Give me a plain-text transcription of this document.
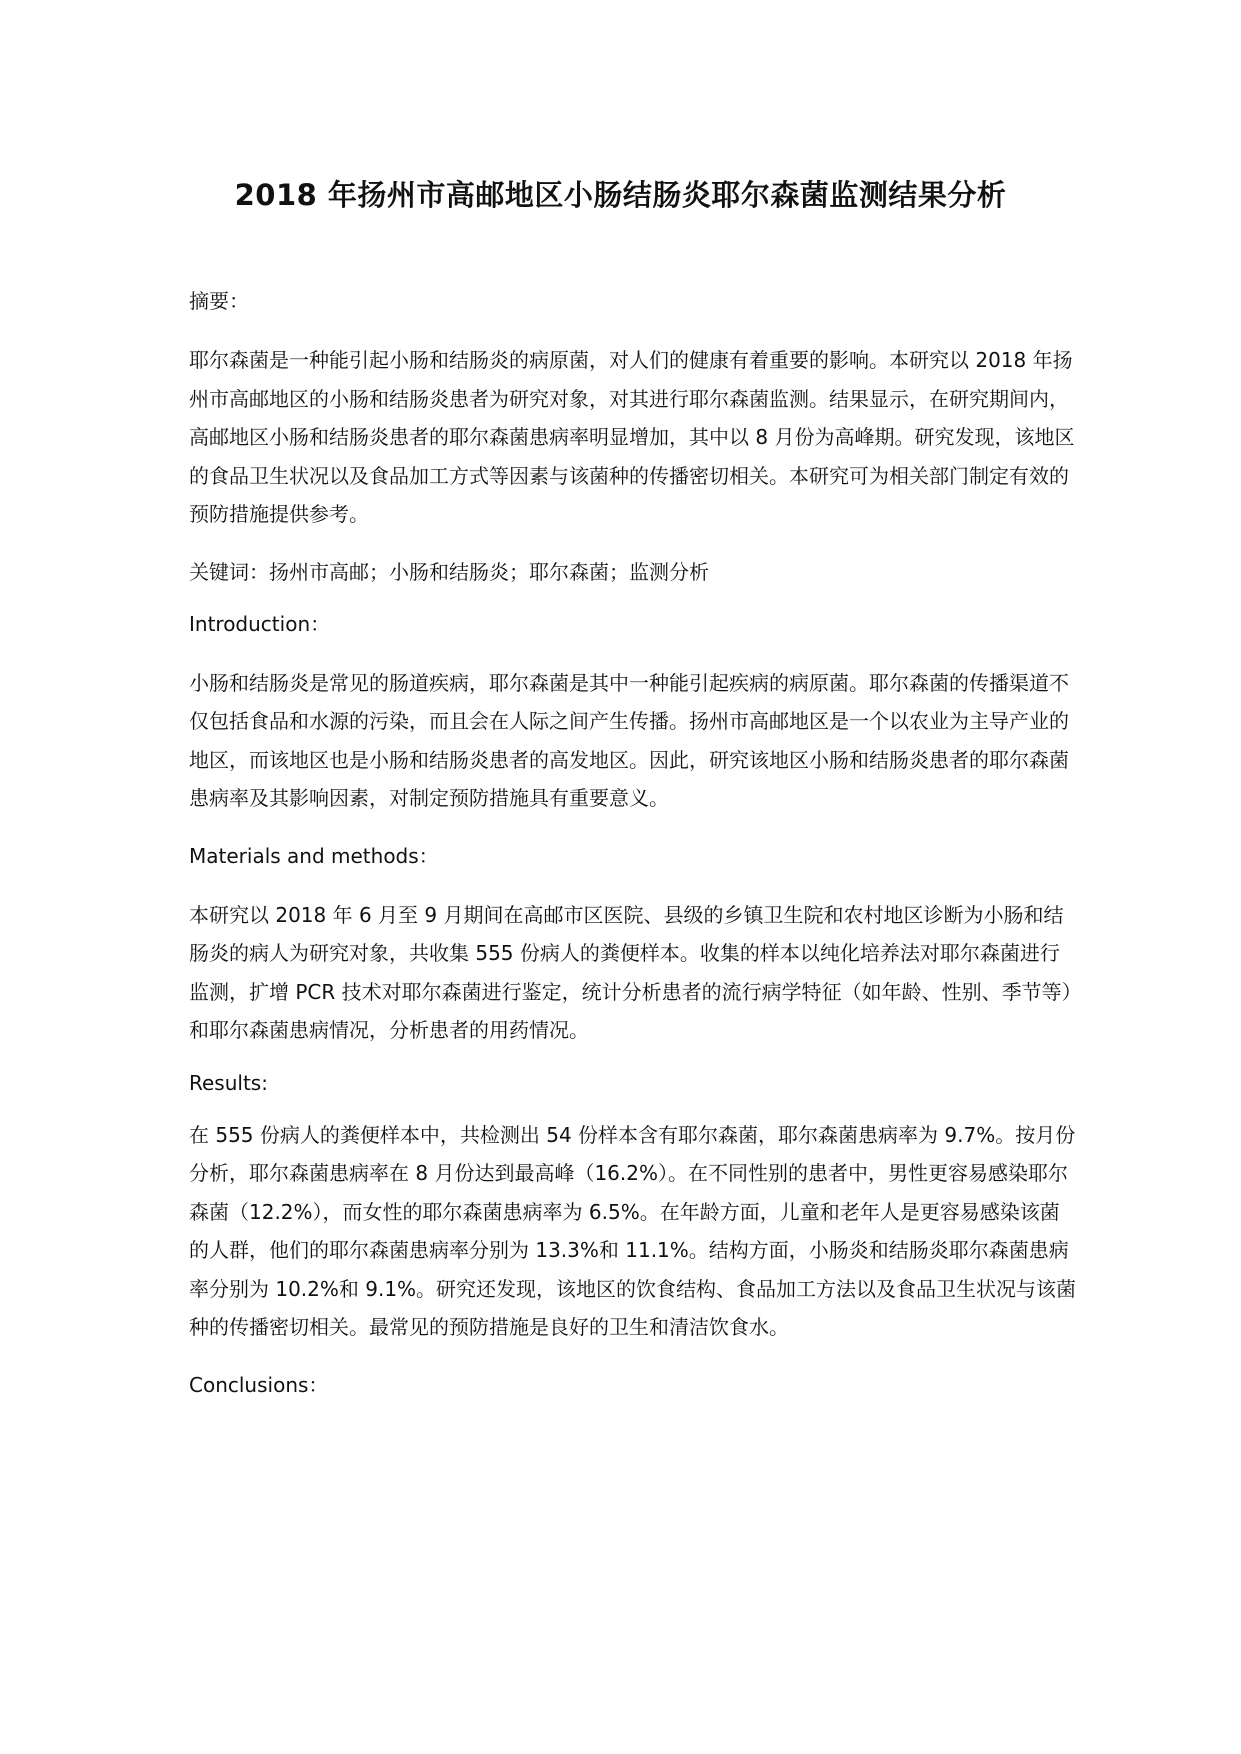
2018 年扬州市高邮地区小肠结肠炎耶尔森菌监测结果分析

摘要：

耶尔森菌是一种能引起小肠和结肠炎的病原菌，对人们的健康有着重要的影响。本研究以 2018 年扬州市高邮地区的小肠和结肠炎患者为研究对象，对其进行耶尔森菌监测。结果显示，在研究期间内，高邮地区小肠和结肠炎患者的耶尔森菌患病率明显增加，其中以 8 月份为高峰期。研究发现，该地区的食品卫生状况以及食品加工方式等因素与该菌种的传播密切相关。本研究可为相关部门制定有效的预防措施提供参考。

关键词：扬州市高邮；小肠和结肠炎；耶尔森菌；监测分析

Introduction：

小肠和结肠炎是常见的肠道疾病，耶尔森菌是其中一种能引起疾病的病原菌。耶尔森菌的传播渠道不仅包括食品和水源的污染，而且会在人际之间产生传播。扬州市高邮地区是一个以农业为主导产业的地区，而该地区也是小肠和结肠炎患者的高发地区。因此，研究该地区小肠和结肠炎患者的耶尔森菌患病率及其影响因素，对制定预防措施具有重要意义。

Materials and methods：

本研究以 2018 年 6 月至 9 月期间在高邮市区医院、县级的乡镇卫生院和农村地区诊断为小肠和结肠炎的病人为研究对象，共收集 555 份病人的粪便样本。收集的样本以纯化培养法对耶尔森菌进行监测，扩增 PCR 技术对耶尔森菌进行鉴定，统计分析患者的流行病学特征（如年龄、性别、季节等）和耶尔森菌患病情况，分析患者的用药情况。

Results:

在 555 份病人的粪便样本中，共检测出 54 份样本含有耶尔森菌，耶尔森菌患病率为 9.7%。按月份分析，耶尔森菌患病率在 8 月份达到最高峰（16.2%）。在不同性别的患者中，男性更容易感染耶尔森菌（12.2%），而女性的耶尔森菌患病率为 6.5%。在年龄方面，儿童和老年人是更容易感染该菌的人群，他们的耶尔森菌患病率分别为 13.3%和 11.1%。结构方面，小肠炎和结肠炎耶尔森菌患病率分别为 10.2%和 9.1%。研究还发现，该地区的饮食结构、食品加工方法以及食品卫生状况与该菌种的传播密切相关。最常见的预防措施是良好的卫生和清洁饮食水。

Conclusions：
